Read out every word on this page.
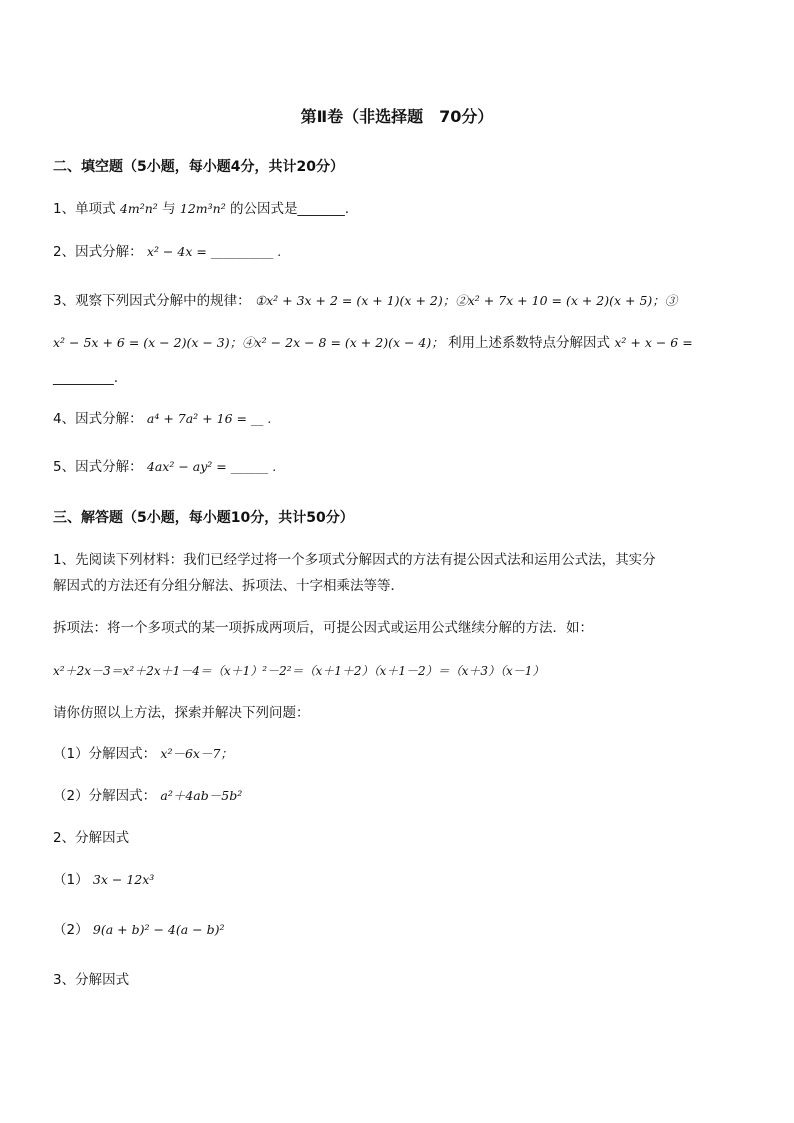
第Ⅱ卷（非选择题　70分）
二、填空题（5小题，每小题4分，共计20分）
1、单项式 4m²n² 与 12m³n² 的公因式是_______.
2、因式分解： x² − 4x = __________ .
3、观察下列因式分解中的规律： ①x² + 3x + 2 = (x + 1)(x + 2)；②x² + 7x + 10 = (x + 2)(x + 5)；③
x² − 5x + 6 = (x − 2)(x − 3)；④x² − 2x − 8 = (x + 2)(x − 4)； 利用上述系数特点分解因式 x² + x − 6 =
_________.
4、因式分解： a⁴ + 7a² + 16 = __ .
5、因式分解： 4ax² − ay² = ______ .
三、解答题（5小题，每小题10分，共计50分）
1、先阅读下列材料：我们已经学过将一个多项式分解因式的方法有提公因式法和运用公式法，其实分
解因式的方法还有分组分解法、拆项法、十字相乘法等等．
拆项法：将一个多项式的某一项拆成两项后，可提公因式或运用公式继续分解的方法．如：
x²＋2x－3＝x²＋2x＋1－4＝（x＋1）²－2²＝（x＋1＋2）（x＋1－2）＝（x＋3）（x－1）
请你仿照以上方法，探索并解决下列问题：
（1）分解因式： x²－6x－7；
（2）分解因式： a²＋4ab－5b²
2、分解因式
（1） 3x − 12x³
（2） 9(a + b)² − 4(a − b)²
3、分解因式
